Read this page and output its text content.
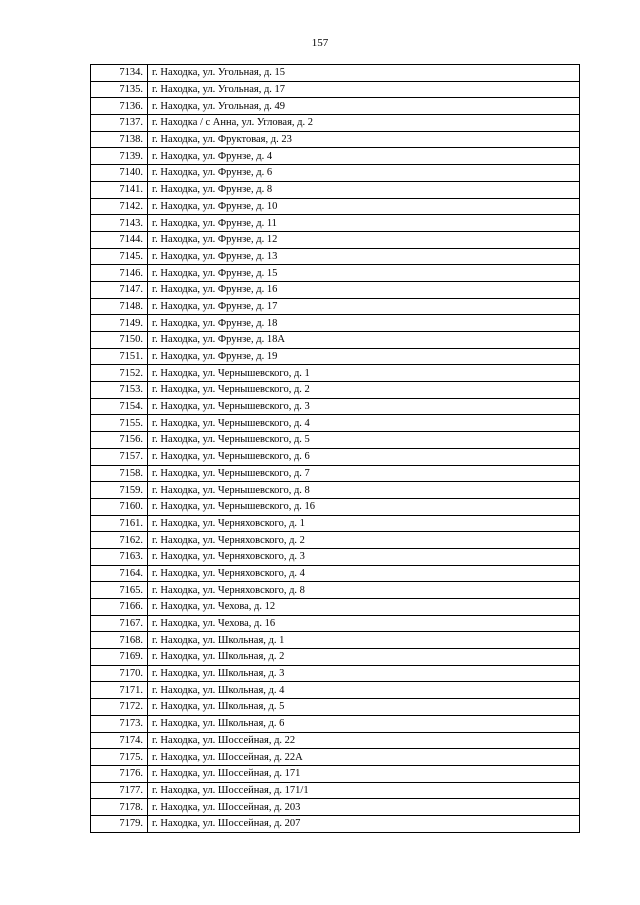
157
7134.	г. Находка, ул. Угольная, д. 15
7135.	г. Находка, ул. Угольная, д. 17
7136.	г. Находка, ул. Угольная, д. 49
7137.	г. Находка / с Анна, ул. Угловая, д. 2
7138.	г. Находка, ул. Фруктовая, д. 23
7139.	г. Находка, ул. Фрунзе, д. 4
7140.	г. Находка, ул. Фрунзе, д. 6
7141.	г. Находка, ул. Фрунзе, д. 8
7142.	г. Находка, ул. Фрунзе, д. 10
7143.	г. Находка, ул. Фрунзе, д. 11
7144.	г. Находка, ул. Фрунзе, д. 12
7145.	г. Находка, ул. Фрунзе, д. 13
7146.	г. Находка, ул. Фрунзе, д. 15
7147.	г. Находка, ул. Фрунзе, д. 16
7148.	г. Находка, ул. Фрунзе, д. 17
7149.	г. Находка, ул. Фрунзе, д. 18
7150.	г. Находка, ул. Фрунзе, д. 18А
7151.	г. Находка, ул. Фрунзе, д. 19
7152.	г. Находка, ул. Чернышевского, д. 1
7153.	г. Находка, ул. Чернышевского, д. 2
7154.	г. Находка, ул. Чернышевского, д. 3
7155.	г. Находка, ул. Чернышевского, д. 4
7156.	г. Находка, ул. Чернышевского, д. 5
7157.	г. Находка, ул. Чернышевского, д. 6
7158.	г. Находка, ул. Чернышевского, д. 7
7159.	г. Находка, ул. Чернышевского, д. 8
7160.	г. Находка, ул. Чернышевского, д. 16
7161.	г. Находка, ул. Черняховского, д. 1
7162.	г. Находка, ул. Черняховского, д. 2
7163.	г. Находка, ул. Черняховского, д. 3
7164.	г. Находка, ул. Черняховского, д. 4
7165.	г. Находка, ул. Черняховского, д. 8
7166.	г. Находка, ул. Чехова, д. 12
7167.	г. Находка, ул. Чехова, д. 16
7168.	г. Находка, ул. Школьная, д. 1
7169.	г. Находка, ул. Школьная, д. 2
7170.	г. Находка, ул. Школьная, д. 3
7171.	г. Находка, ул. Школьная, д. 4
7172.	г. Находка, ул. Школьная, д. 5
7173.	г. Находка, ул. Школьная, д. 6
7174.	г. Находка, ул. Шоссейная, д. 22
7175.	г. Находка, ул. Шоссейная, д. 22А
7176.	г. Находка, ул. Шоссейная, д. 171
7177.	г. Находка, ул. Шоссейная, д. 171/1
7178.	г. Находка, ул. Шоссейная, д. 203
7179.	г. Находка, ул. Шоссейная, д. 207
